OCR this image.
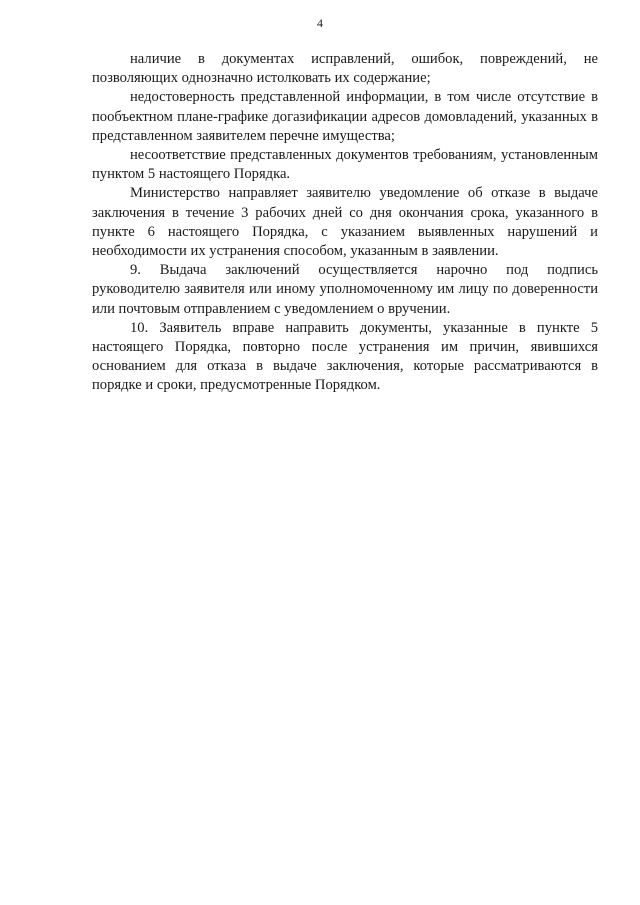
4

наличие в документах исправлений, ошибок, повреждений, не позволяющих однозначно истолковать их содержание;

недостоверность представленной информации, в том числе отсутствие в пообъектном плане-графике догазификации адресов домовладений, указанных в представленном заявителем перечне имущества;

несоответствие представленных документов требованиям, установленным пунктом 5 настоящего Порядка.

Министерство направляет заявителю уведомление об отказе в выдаче заключения в течение 3 рабочих дней со дня окончания срока, указанного в пункте 6 настоящего Порядка, с указанием выявленных нарушений и необходимости их устранения способом, указанным в заявлении.

9. Выдача заключений осуществляется нарочно под подпись руководителю заявителя или иному уполномоченному им лицу по доверенности или почтовым отправлением с уведомлением о вручении.

10. Заявитель вправе направить документы, указанные в пункте 5 настоящего Порядка, повторно после устранения им причин, явившихся основанием для отказа в выдаче заключения, которые рассматриваются в порядке и сроки, предусмотренные Порядком.
